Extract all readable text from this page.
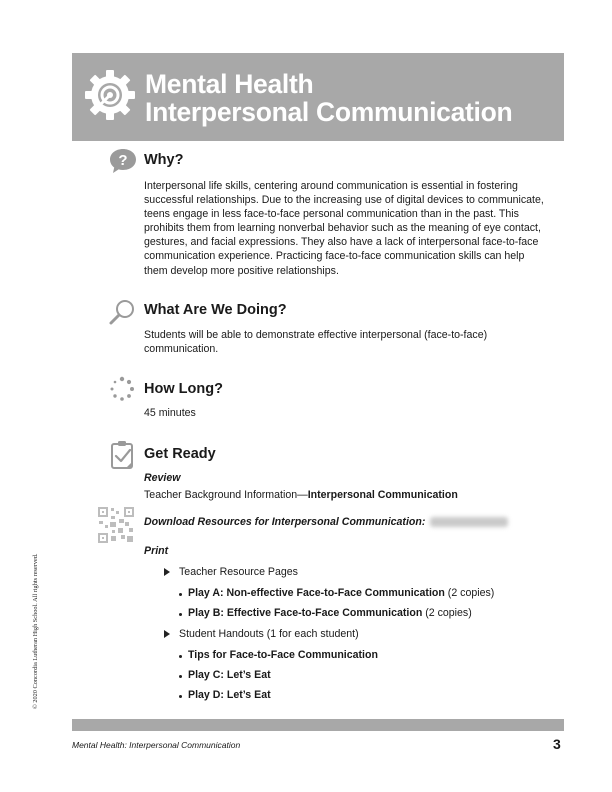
Mental Health
Interpersonal Communication
? Why?
Interpersonal life skills, centering around communication is essential in fostering successful relationships. Due to the increasing use of digital devices to communicate, teens engage in less face-to-face personal communication than in the past. This prohibits them from learning nonverbal behavior such as the meaning of eye contact, gestures, and facial expressions. They also have a lack of interpersonal face-to-face communication experience. Practicing face-to-face communication skills can help them develop more positive relationships.
What Are We Doing?
Students will be able to demonstrate effective interpersonal (face-to-face) communication.
How Long?
45 minutes
Get Ready
Review
Teacher Background Information—Interpersonal Communication
Download Resources for Interpersonal Communication:
Print
Teacher Resource Pages
Play A: Non-effective Face-to-Face Communication (2 copies)
Play B: Effective Face-to-Face Communication (2 copies)
Student Handouts (1 for each student)
Tips for Face-to-Face Communication
Play C: Let’s Eat
Play D: Let’s Eat
© 2020 Concordia Lutheran High School. All rights reserved.
Mental Health: Interpersonal Communication	3
